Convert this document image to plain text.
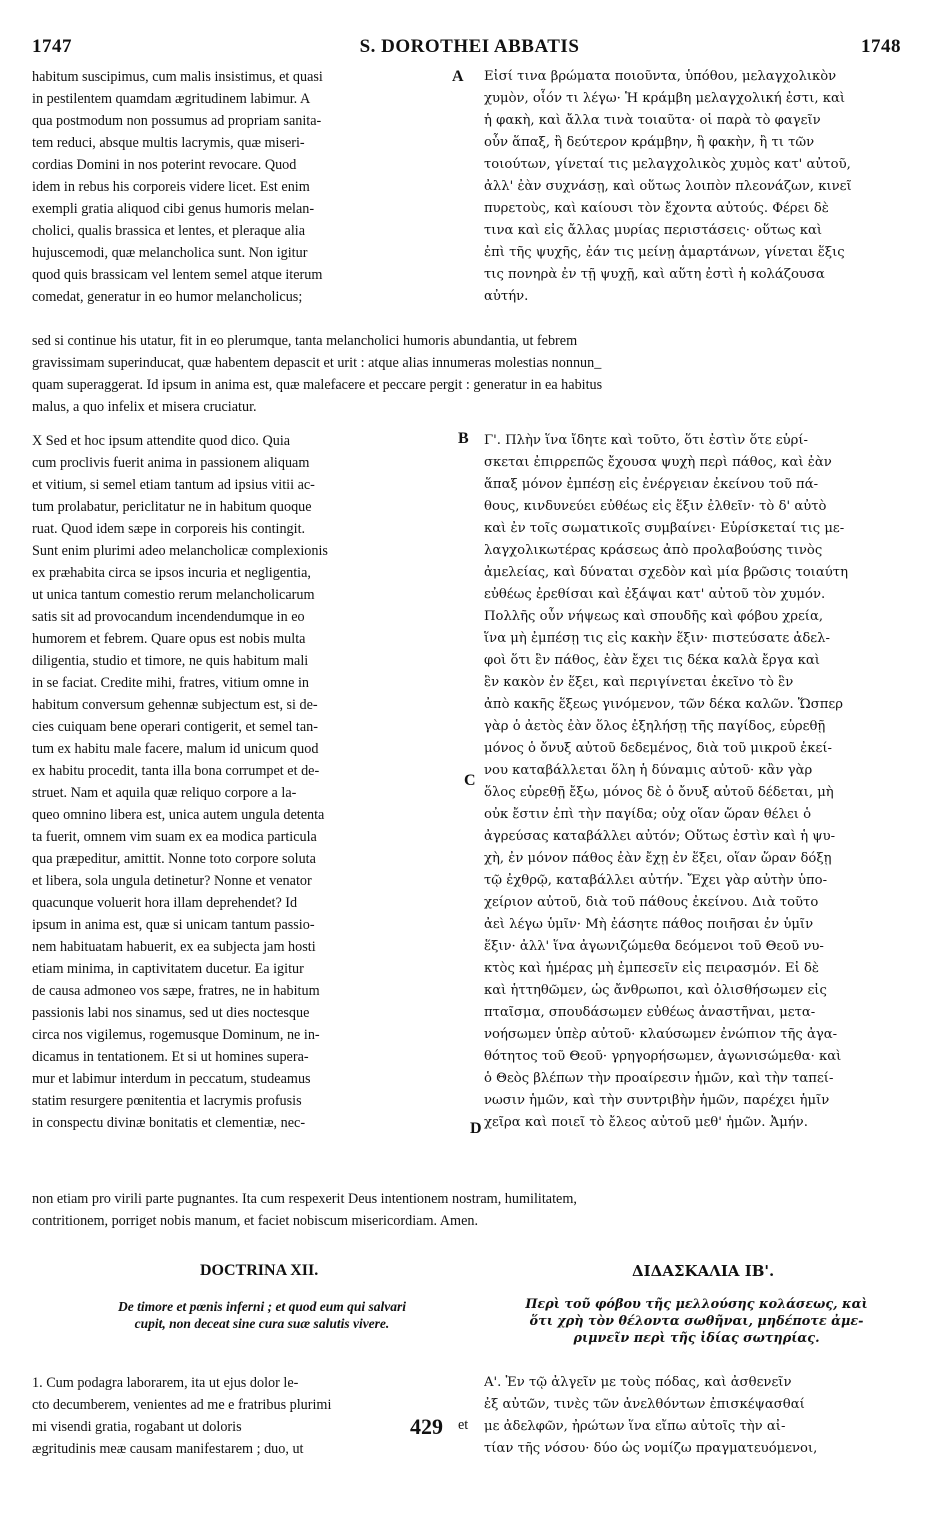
1747	S. DOROTHEI ABBATIS	1748

habitum suscipimus, cum malis insistimus, et quasi

in pestilentem quamdam ægritudinem labimur. A

qua postmodum non possumus ad propriam sanita-

tem reduci, absque multis lacrymis, quæ miseri-

cordias Domini in nos poterint revocare. Quod

idem in rebus his corporeis videre licet. Est enim

exempli gratia aliquod cibi genus humoris melan-

cholici, qualis brassica et lentes, et pleraque alia

hujuscemodi, quæ melancholica sunt. Non igitur

quod quis brassicam vel lentem semel atque iterum

comedat, generatur in eo humor melancholicus;

Εἰσί τινα βρώματα ποιοῦντα, ὑπόθου, μελαγχολικὸν

χυμὸν, οἷόν τι λέγω· Ἡ κράμβη μελαγχολική ἐστι, καὶ

ἡ φακὴ, καὶ ἄλλα τινὰ τοιαῦτα· οἱ παρὰ τὸ φαγεῖν

οὖν ἅπαξ, ἢ δεύτερον κράμβην, ἢ φακὴν, ἢ τι τῶν

τοιούτων, γίνεταί τις μελαγχολικὸς χυμὸς κατ' αὐτοῦ,

ἀλλ' ἐὰν συχνάσῃ, καὶ οὕτως λοιπὸν πλεονάζων, κινεῖ

πυρετοὺς, καὶ καίουσι τὸν ἔχοντα αὐτούς. Φέρει δὲ

τινα καὶ εἰς ἄλλας μυρίας περιστάσεις· οὕτως καὶ

ἐπὶ τῆς ψυχῆς, ἐάν τις μείνῃ ἁμαρτάνων, γίνεται ἕξις

τις πονηρὰ ἐν τῇ ψυχῇ, καὶ αὕτη ἐστὶ ἡ κολάζουσα

αὐτήν.

A

sed si continue his utatur, fit in eo plerumque, tanta melancholici humoris abundantia, ut febrem

gravissimam superinducat, quæ habentem depascit et urit : atque alias innumeras molestias nonnun_

quam superaggerat. Id ipsum in anima est, quæ malefacere et peccare pergit : generatur in ea habitus

malus, a quo infelix et misera cruciatur.

X Sed et hoc ipsum attendite quod dico. Quia

cum proclivis fuerit anima in passionem aliquam

et vitium, si semel etiam tantum ad ipsius vitii ac-

tum prolabatur, periclitatur ne in habitum quoque

ruat. Quod idem sæpe in corporeis his contingit.

Sunt enim plurimi adeo melancholicæ complexionis

ex præhabita circa se ipsos incuria et negligentia,

ut unica tantum comestio rerum melancholicarum

satis sit ad provocandum incendendumque in eo

humorem et febrem. Quare opus est nobis multa

diligentia, studio et timore, ne quis habitum mali

in se faciat. Credite mihi, fratres, vitium omne in

habitum conversum gehennæ subjectum est, si de-

cies cuiquam bene operari contigerit, et semel tan-

tum ex habitu male facere, malum id unicum quod

ex habitu procedit, tanta illa bona corrumpet et de-

struet. Nam et aquila quæ reliquo corpore a la-

queo omnino libera est, unica autem ungula detenta

ta fuerit, omnem vim suam ex ea modica particula

qua præpeditur, amittit. Nonne toto corpore soluta

et libera, sola ungula detinetur? Nonne et venator

quacunque voluerit hora illam deprehendet? Id

ipsum in anima est, quæ si unicam tantum passio-

nem habituatam habuerit, ex ea subjecta jam hosti

etiam minima, in captivitatem ducetur. Ea igitur

de causa admoneo vos sæpe, fratres, ne in habitum

passionis labi nos sinamus, sed ut dies noctesque

circa nos vigilemus, rogemusque Dominum, ne in-

dicamus in tentationem. Et si ut homines supera-

mur et labimur interdum in peccatum, studeamus

statim resurgere pœnitentia et lacrymis profusis

in conspectu divinæ bonitatis et clementiæ, nec-

Γ'. Πλὴν ἵνα ἴδητε καὶ τοῦτο, ὅτι ἐστὶν ὅτε εὑρί-

σκεται ἐπιρρεπῶς ἔχουσα ψυχὴ περὶ πάθος, καὶ ἐὰν

ἅπαξ μόνον ἐμπέσῃ εἰς ἐνέργειαν ἐκείνου τοῦ πά-

θους, κινδυνεύει εὐθέως εἰς ἕξιν ἐλθεῖν· τὸ δ' αὐτὸ

καὶ ἐν τοῖς σωματικοῖς συμβαίνει· Εὑρίσκεταί τις με-

λαγχολικωτέρας κράσεως ἀπὸ προλαβούσης τινὸς

ἀμελείας, καὶ δύναται σχεδὸν καὶ μία βρῶσις τοιαύτη

εὐθέως ἐρεθίσαι καὶ ἐξάψαι κατ' αὐτοῦ τὸν χυμόν.

Πολλῆς οὖν νήψεως καὶ σπουδῆς καὶ φόβου χρεία,

ἵνα μὴ ἐμπέσῃ τις εἰς κακὴν ἕξιν· πιστεύσατε ἀδελ-

φοὶ ὅτι ἓν πάθος, ἐὰν ἔχει τις δέκα καλὰ ἔργα καὶ

ἓν κακὸν ἐν ἕξει, καὶ περιγίνεται ἐκεῖνο τὸ ἓν

ἀπὸ κακῆς ἕξεως γινόμενον, τῶν δέκα καλῶν. Ὥσπερ

γὰρ ὁ ἀετὸς ἐὰν ὅλος ἐξηλήσῃ τῆς παγίδος, εὑρεθῇ

μόνος ὁ ὄνυξ αὐτοῦ δεδεμένος, διὰ τοῦ μικροῦ ἐκεί-

νου καταβάλλεται ὅλη ἡ δύναμις αὐτοῦ· κἂν γὰρ

ὅλος εὑρεθῇ ἔξω, μόνος δὲ ὁ ὄνυξ αὐτοῦ δέδεται, μὴ

οὐκ ἔστιν ἐπὶ τὴν παγίδα; οὐχ οἵαν ὥραν θέλει ὁ

ἀγρεύσας καταβάλλει αὐτόν; Οὕτως ἐστὶν καὶ ἡ ψυ-

χὴ, ἐν μόνον πάθος ἐὰν ἔχῃ ἐν ἕξει, οἵαν ὥραν δόξῃ

τῷ ἐχθρῷ, καταβάλλει αὐτήν. Ἔχει γὰρ αὐτὴν ὑπο-

χείριον αὐτοῦ, διὰ τοῦ πάθους ἐκείνου. Διὰ τοῦτο

ἀεὶ λέγω ὑμῖν· Μὴ ἐάσητε πάθος ποιῆσαι ἐν ὑμῖν

ἕξιν· ἀλλ' ἵνα ἀγωνιζώμεθα δεόμενοι τοῦ Θεοῦ νυ-

κτὸς καὶ ἡμέρας μὴ ἐμπεσεῖν εἰς πειρασμόν. Εἰ δὲ

καὶ ἡττηθῶμεν, ὡς ἄνθρωποι, καὶ ὀλισθήσωμεν εἰς

πταῖσμα, σπουδάσωμεν εὐθέως ἀναστῆναι, μετα-

νοήσωμεν ὑπὲρ αὐτοῦ· κλαύσωμεν ἐνώπιον τῆς ἀγα-

θότητος τοῦ Θεοῦ· γρηγορήσωμεν, ἀγωνισώμεθα· καὶ

ὁ Θεὸς βλέπων τὴν προαίρεσιν ἡμῶν, καὶ τὴν ταπεί-

νωσιν ἡμῶν, καὶ τὴν συντριβὴν ἡμῶν, παρέχει ἡμῖν

χεῖρα καὶ ποιεῖ τὸ ἔλεος αὐτοῦ μεθ' ἡμῶν. Ἀμήν.

B
C
D

non etiam pro virili parte pugnantes. Ita cum respexerit Deus intentionem nostram, humilitatem,

contritionem, porriget nobis manum, et faciet nobiscum misericordiam. Amen.

DOCTRINA XII.	ΔΙΔΑΣΚΑΛΙΑ ΙΒ'.

De timore et pœnis inferni ; et quod eum qui salvari

cupit, non deceat sine cura suæ salutis vivere.

Περὶ τοῦ φόβου τῆς μελλούσης κολάσεως, καὶ

ὅτι χρὴ τὸν θέλοντα σωθῆναι, μηδέποτε ἀμε-

ριμνεῖν περὶ τῆς ἰδίας σωτηρίας.

1. Cum podagra laborarem, ita ut ejus dolor le-

cto decumberem, venientes ad me e fratribus plurimi

mi visendi gratia, rogabant ut doloris

ægritudinis meæ causam manifestarem ; duo, ut

429 et

Α'. Ἐν τῷ ἀλγεῖν με τοὺς πόδας, καὶ ἀσθενεῖν

ἐξ αὐτῶν, τινὲς τῶν ἀνελθόντων ἐπισκέψασθαί

με ἀδελφῶν, ἠρώτων ἵνα εἴπω αὐτοῖς τὴν αἰ-

τίαν τῆς νόσου· δύο ὡς νομίζω πραγματευόμενοι,
